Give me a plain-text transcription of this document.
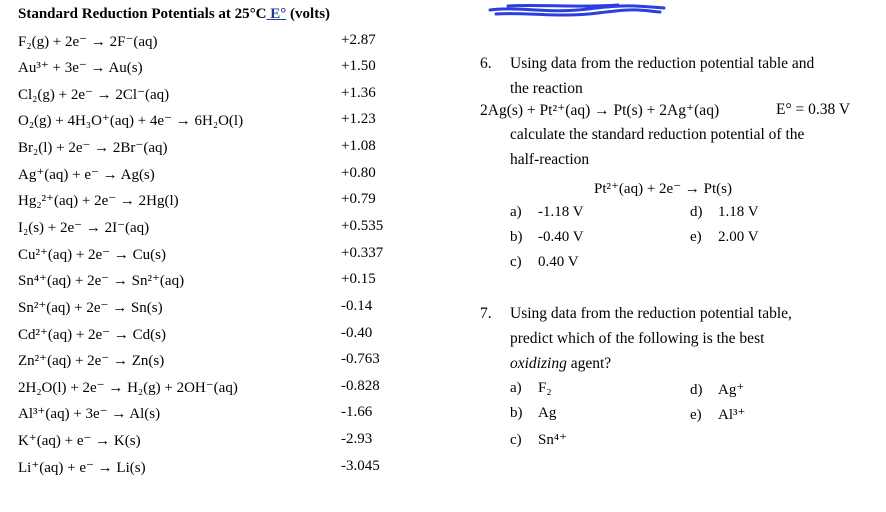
Standard Reduction Potentials at 25°C E° (volts)
F₂(g) + 2e⁻ → 2F⁻(aq)	+2.87
Au³⁺ + 3e⁻ → Au(s)	+1.50
Cl₂(g) + 2e⁻ → 2Cl⁻(aq)	+1.36
O₂(g) + 4H₃O⁺(aq) + 4e⁻ → 6H₂O(l)	+1.23
Br₂(l) + 2e⁻ → 2Br⁻(aq)	+1.08
Ag⁺(aq) + e⁻ → Ag(s)	+0.80
Hg₂²⁺(aq) + 2e⁻ → 2Hg(l)	+0.79
I₂(s) + 2e⁻ → 2I⁻(aq)	+0.535
Cu²⁺(aq) + 2e⁻ → Cu(s)	+0.337
Sn⁴⁺(aq) + 2e⁻ → Sn²⁺(aq)	+0.15
Sn²⁺(aq) + 2e⁻ → Sn(s)	-0.14
Cd²⁺(aq) + 2e⁻ → Cd(s)	-0.40
Zn²⁺(aq) + 2e⁻ → Zn(s)	-0.763
2H₂O(l) + 2e⁻ → H₂(g) + 2OH⁻(aq)	-0.828
Al³⁺(aq) + 3e⁻ → Al(s)	-1.66
K⁺(aq) + e⁻ → K(s)	-2.93
Li⁺(aq) + e⁻ → Li(s)	-3.045
6. Using data from the reduction potential table and
the reaction
2Ag(s) + Pt²⁺(aq) → Pt(s) + 2Ag⁺(aq)	E° = 0.38 V
calculate the standard reduction potential of the
half-reaction
Pt²⁺(aq) + 2e⁻ → Pt(s)
a) -1.18 V
b) -0.40 V
c) 0.40 V
d) 1.18 V
e) 2.00 V
7. Using data from the reduction potential table,
predict which of the following is the best
oxidizing agent?
a) F₂
b) Ag
c) Sn⁴⁺
d) Ag⁺
e) Al³⁺
